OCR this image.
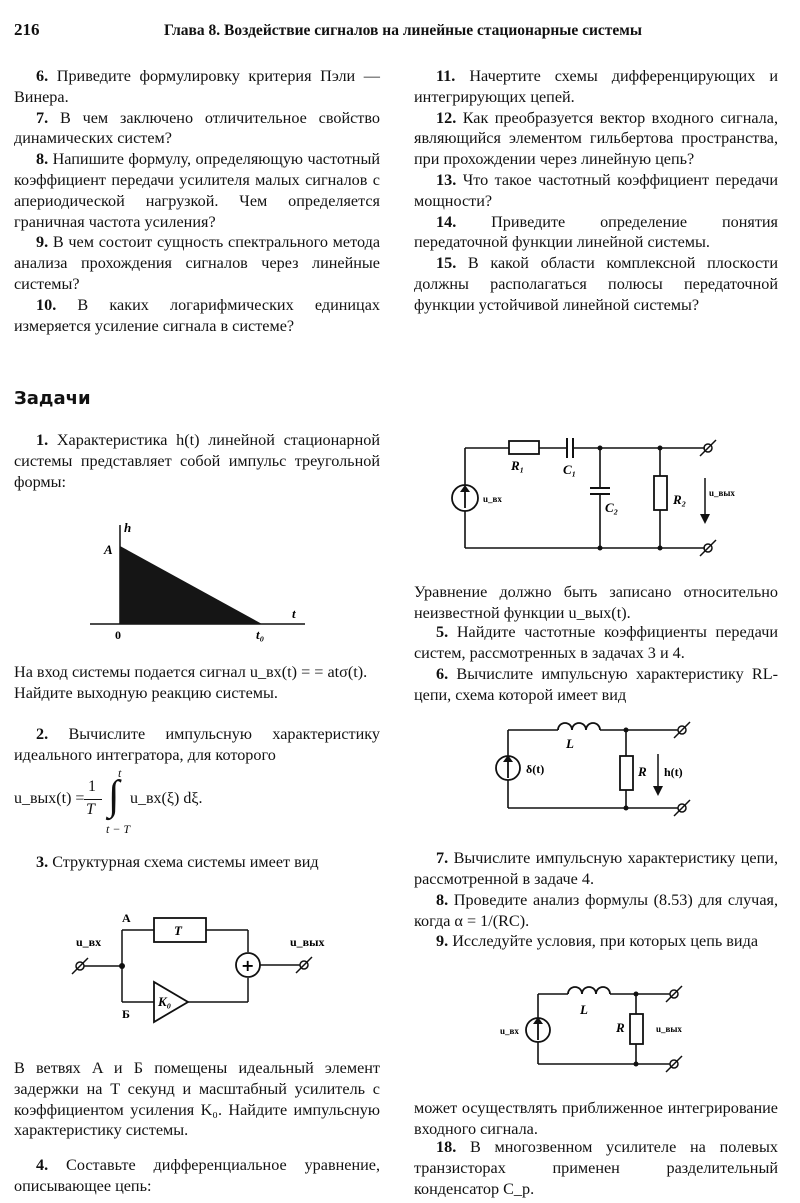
216	Глава 8. Воздействие сигналов на линейные стационарные системы

6. Приведите формулировку критерия Пэли — Винера.

7. В чем заключено отличительное свойство динамических систем?

8. Напишите формулу, определяющую частотный коэффициент передачи усилителя малых сигналов с апериодической нагрузкой. Чем определяется граничная частота усиления?

9. В чем состоит сущность спектрального метода анализа прохождения сигналов через линейные системы?

10. В каких логарифмических единицах измеряется усиление сигнала в системе?

11. Начертите схемы дифференцирующих и интегрирующих цепей.

12. Как преобразуется вектор входного сигнала, являющийся элементом гильбертова пространства, при прохождении через линейную цепь?

13. Что такое частотный коэффициент передачи мощности?

14. Приведите определение понятия передаточной функции линейной системы.

15. В какой области комплексной плоскости должны располагаться полюсы передаточной функции устойчивой линейной системы?

Задачи

1. Характеристика h(t) линейной стационарной системы представляет собой импульс треугольной формы:

h
t
A
0	t₀

На вход системы подается сигнал u_вх(t) = = atσ(t).

Найдите выходную реакцию системы.

2. Вычислите импульсную характеристику идеального интегратора, для которого

u_вых(t) =
1
T ∫
t
t − T
u_вх(ξ) dξ.

3. Структурная схема системы имеет вид

u_вх
А
Б
T
K₀
+
u_вых

В ветвях A и Б помещены идеальный элемент задержки на T секунд и масштабный усилитель с коэффициентом усиления K₀. Найдите импульсную характеристику системы.

4. Составьте дифференциальное уравнение, описывающее цепь:

R₁	C₁
C₂
R₂	u_вых
u_вх

Уравнение должно быть записано относительно неизвестной функции u_вых(t).

5. Найдите частотные коэффициенты передачи систем, рассмотренных в задачах 3 и 4.

6. Вычислите импульсную характеристику RL-цепи, схема которой имеет вид

L
R h(t)
δ(t)

7. Вычислите импульсную характеристику цепи, рассмотренной в задаче 4.

8. Проведите анализ формулы (8.53) для случая, когда α = 1/(RC).

9. Исследуйте условия, при которых цепь вида

L
R	u_вых
u_вх

может осуществлять приближенное интегрирование входного сигнала.

18. В многозвенном усилителе на полевых транзисторах применен разделительный конденсатор C_p.
